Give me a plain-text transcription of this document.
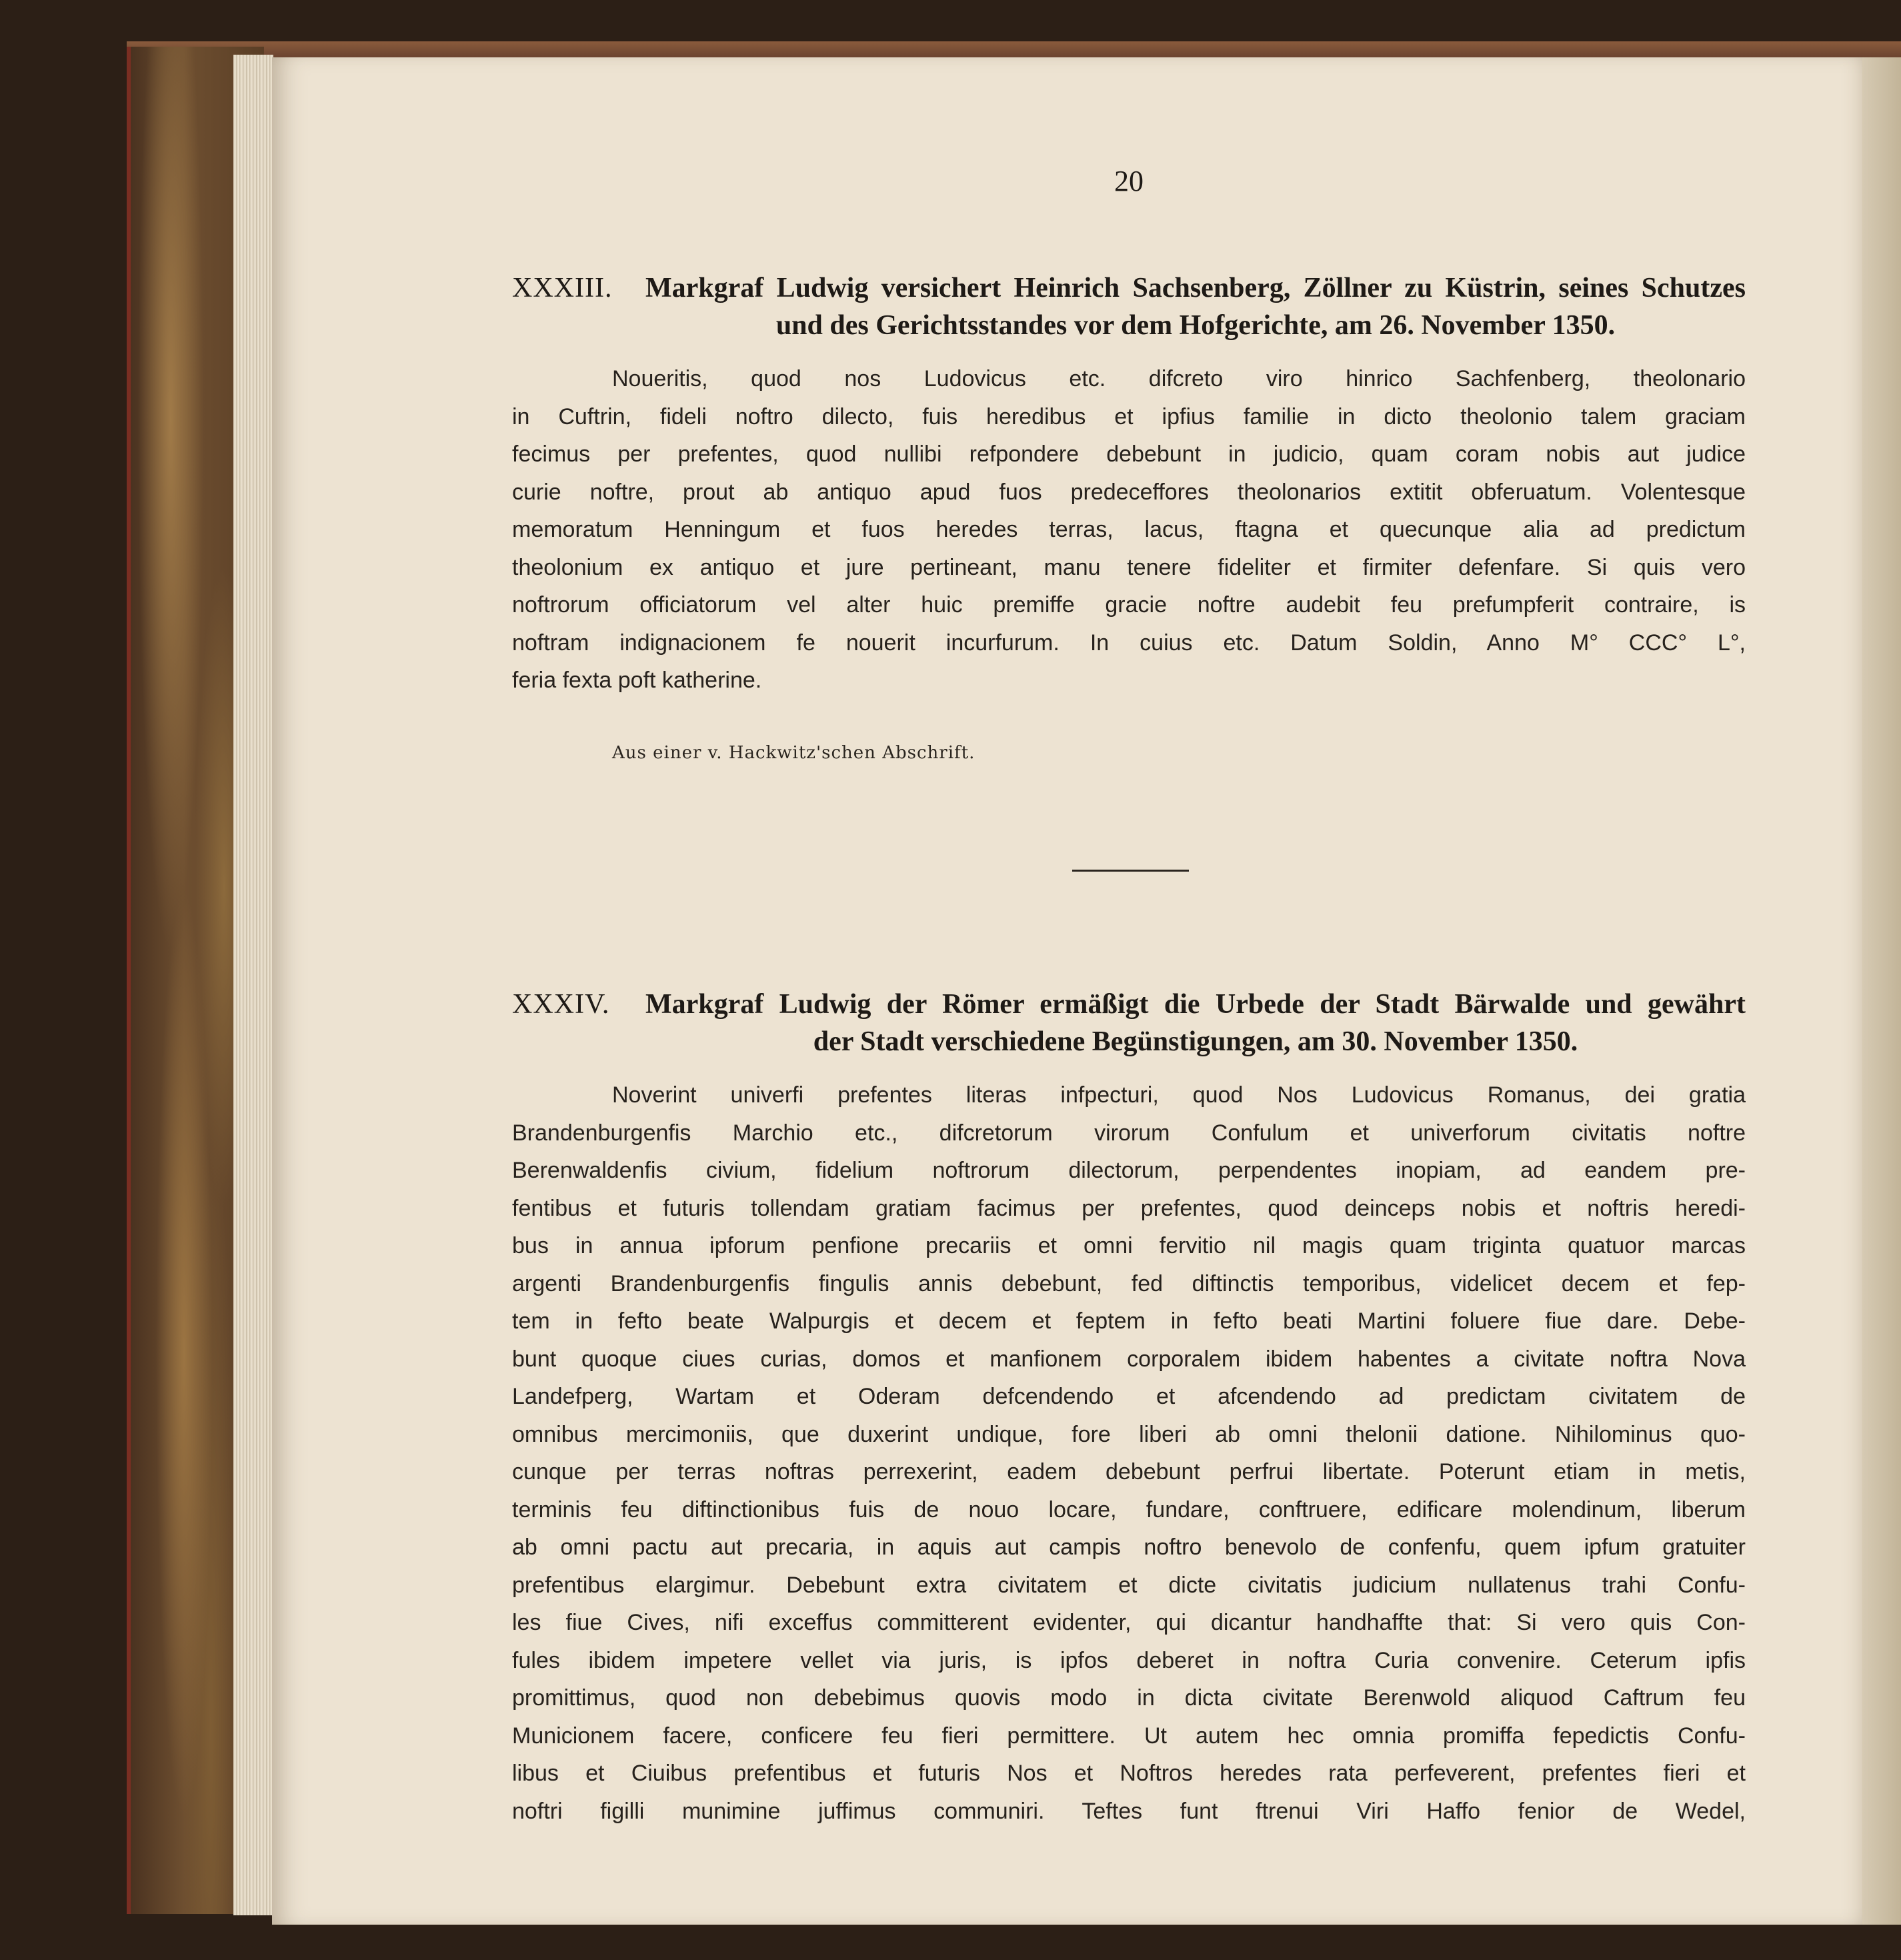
20
XXXIII.	Markgraf Ludwig versichert Heinrich Sachsenberg, Zöllner zu Küstrin, seines Schutzes
und des Gerichtsstandes vor dem Hofgerichte, am 26. November 1350.
Noueritis, quod nos Ludovicus etc. difcreto viro hinrico Sachfenberg, theolonario
in Cuftrin, fideli noftro dilecto, fuis heredibus et ipfius familie in dicto theolonio talem graciam
fecimus per prefentes, quod nullibi refpondere debebunt in judicio, quam coram nobis aut judice
curie noftre, prout ab antiquo apud fuos predeceffores theolonarios extitit obferuatum. Volentesque
memoratum Henningum et fuos heredes terras, lacus, ftagna et quecunque alia ad predictum
theolonium ex antiquo et jure pertineant, manu tenere fideliter et firmiter defenfare. Si quis vero
noftrorum officiatorum vel alter huic premiffe gracie noftre audebit feu prefumpferit contraire, is
noftram indignacionem fe nouerit incurfurum. In cuius etc. Datum Soldin, Anno M° CCC° L°,
feria fexta poft katherine.
Aus einer v. Hackwitz'schen Abschrift.
XXXIV.	Markgraf Ludwig der Römer ermäßigt die Urbede der Stadt Bärwalde und gewährt
der Stadt verschiedene Begünstigungen, am 30. November 1350.
Noverint univerfi prefentes literas infpecturi, quod Nos Ludovicus Romanus, dei gratia
Brandenburgenfis Marchio etc., difcretorum virorum Confulum et univerforum civitatis noftre
Berenwaldenfis civium, fidelium noftrorum dilectorum, perpendentes inopiam, ad eandem pre-
fentibus et futuris tollendam gratiam facimus per prefentes, quod deinceps nobis et noftris heredi-
bus in annua ipforum penfione precariis et omni fervitio nil magis quam triginta quatuor marcas
argenti Brandenburgenfis fingulis annis debebunt, fed diftinctis temporibus, videlicet decem et fep-
tem in fefto beate Walpurgis et decem et feptem in fefto beati Martini foluere fiue dare. Debe-
bunt quoque ciues curias, domos et manfionem corporalem ibidem habentes a civitate noftra Nova
Landefperg, Wartam et Oderam defcendendo et afcendendo ad predictam civitatem de
omnibus mercimoniis, que duxerint undique, fore liberi ab omni thelonii datione. Nihilominus quo-
cunque per terras noftras perrexerint, eadem debebunt perfrui libertate. Poterunt etiam in metis,
terminis feu diftinctionibus fuis de nouo locare, fundare, conftruere, edificare molendinum, liberum
ab omni pactu aut precaria, in aquis aut campis noftro benevolo de confenfu, quem ipfum gratuiter
prefentibus elargimur. Debebunt extra civitatem et dicte civitatis judicium nullatenus trahi Confu-
les fiue Cives, nifi exceffus committerent evidenter, qui dicantur handhaffte that: Si vero quis Con-
fules ibidem impetere vellet via juris, is ipfos deberet in noftra Curia convenire. Ceterum ipfis
promittimus, quod non debebimus quovis modo in dicta civitate Berenwold aliquod Caftrum feu
Municionem facere, conficere feu fieri permittere. Ut autem hec omnia promiffa fepedictis Confu-
libus et Ciuibus prefentibus et futuris Nos et Noftros heredes rata perfeverent, prefentes fieri et
noftri figilli munimine juffimus communiri. Teftes funt ftrenui Viri Haffo fenior de Wedel,
